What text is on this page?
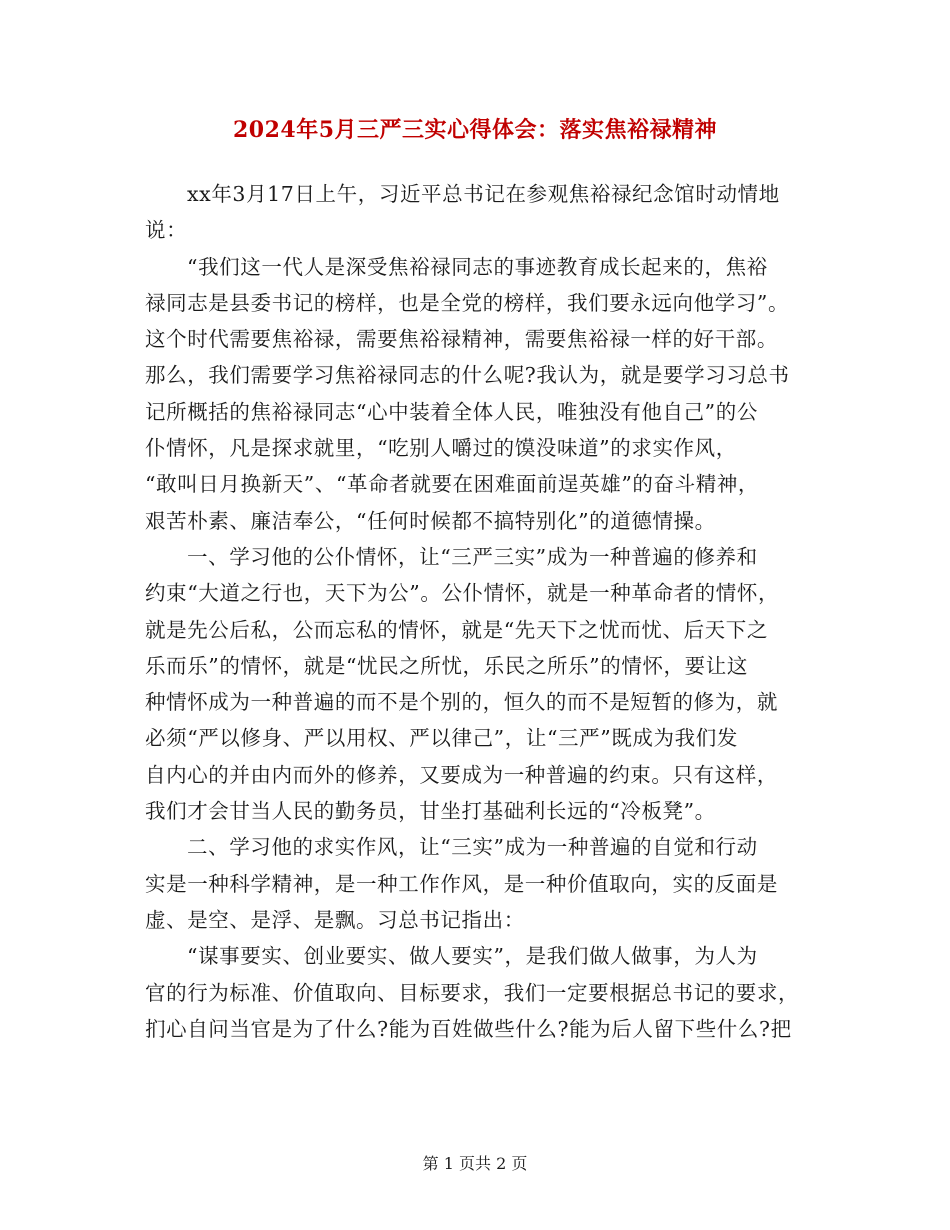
2024年5月三严三实心得体会：落实焦裕禄精神
xx年3月17日上午，习近平总书记在参观焦裕禄纪念馆时动情地
说：
“我们这一代人是深受焦裕禄同志的事迹教育成长起来的，焦裕
禄同志是县委书记的榜样，也是全党的榜样，我们要永远向他学习”。
这个时代需要焦裕禄，需要焦裕禄精神，需要焦裕禄一样的好干部。
那么，我们需要学习焦裕禄同志的什么呢?我认为，就是要学习习总书
记所概括的焦裕禄同志“心中装着全体人民，唯独没有他自己”的公
仆情怀，凡是探求就里，“吃别人嚼过的馍没味道”的求实作风，
“敢叫日月换新天”、“革命者就要在困难面前逞英雄”的奋斗精神，
艰苦朴素、廉洁奉公，“任何时候都不搞特别化”的道德情操。
一、学习他的公仆情怀，让“三严三实”成为一种普遍的修养和
约束“大道之行也，天下为公”。公仆情怀，就是一种革命者的情怀，
就是先公后私，公而忘私的情怀，就是“先天下之忧而忧、后天下之
乐而乐”的情怀，就是“忧民之所忧，乐民之所乐”的情怀，要让这
种情怀成为一种普遍的而不是个别的，恒久的而不是短暂的修为，就
必须“严以修身、严以用权、严以律己”，让“三严”既成为我们发
自内心的并由内而外的修养，又要成为一种普遍的约束。只有这样，
我们才会甘当人民的勤务员，甘坐打基础利长远的“冷板凳”。
二、学习他的求实作风，让“三实”成为一种普遍的自觉和行动
实是一种科学精神，是一种工作作风，是一种价值取向，实的反面是
虚、是空、是浮、是飘。习总书记指出：
“谋事要实、创业要实、做人要实”，是我们做人做事，为人为
官的行为标准、价值取向、目标要求，我们一定要根据总书记的要求，
扪心自问当官是为了什么?能为百姓做些什么?能为后人留下些什么?把
第 1 页共 2 页
